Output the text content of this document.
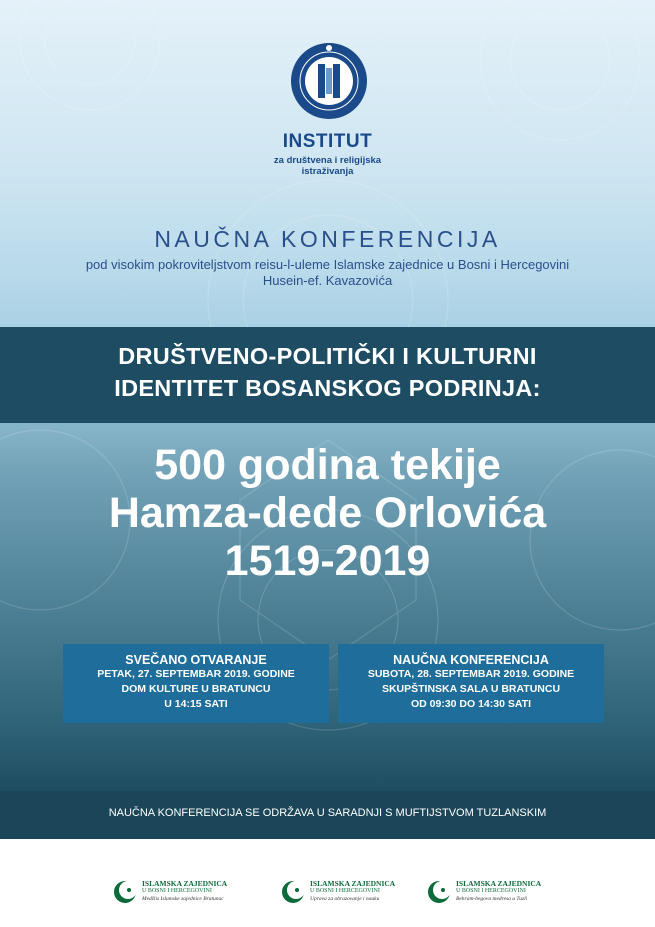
INSTITUT
za društvena i religijska
istraživanja
NAUČNA KONFERENCIJA
pod visokim pokroviteljstvom reisu-l-uleme Islamske zajednice u Bosni i Hercegovini
Husein-ef. Kavazovića
DRUŠTVENO-POLITIČKI I KULTURNI
IDENTITET BOSANSKOG PODRINJA:
500 godina tekije
Hamza-dede Orlovića
1519-2019
SVEČANO OTVARANJE
PETAK, 27. SEPTEMBAR 2019. GODINE
DOM KULTURE U BRATUNCU
U 14:15 SATI
NAUČNA KONFERENCIJA
SUBOTA, 28. SEPTEMBAR 2019. GODINE
SKUPŠTINSKA SALA U BRATUNCU
OD 09:30 DO 14:30 SATI
NAUČNA KONFERENCIJA SE ODRŽAVA U SARADNJI S MUFTIJSTVOM TUZLANSKIM
ISLAMSKA ZAJEDNICA
U BOSNI I HERCEGOVINI
Medžlis Islamske zajednice Bratunac
ISLAMSKA ZAJEDNICA
U BOSNI I HERCEGOVINI
Uprava za obrazovanje i nauku
ISLAMSKA ZAJEDNICA
U BOSNI I HERCEGOVINI
Behram-begova medresa u Tuzli
